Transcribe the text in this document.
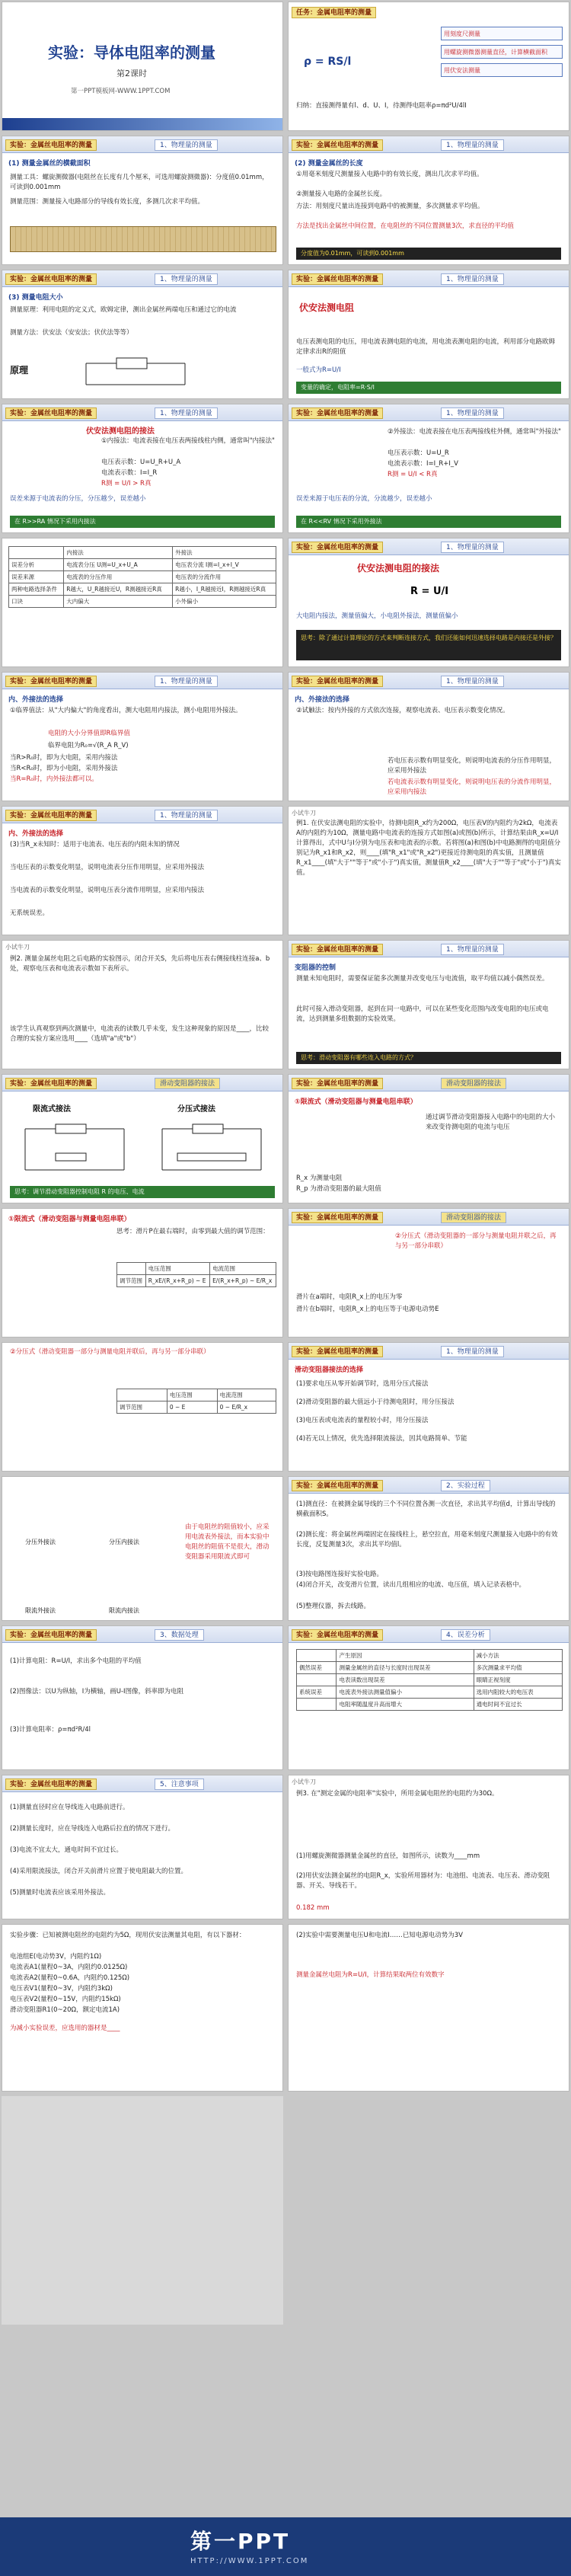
实验：导体电阻率的测量
第2课时
第一PPT模板网-WWW.1PPT.COM
任务：金属电阻率的测量
ρ = RS/l
用刻度尺测量
用螺旋测微器测量直径，计算横截面积
用伏安法测量
归纳：直接测得量有l、d、U、I，待测得电阻率ρ=πd²U/4lI
实验：金属丝电阻率的测量	1、物理量的测量
(1) 测量金属丝的横截面积
测量工具：螺旋测微器(电阻丝在长度有几个厘米，可选用螺旋测微器)：分度值0.01mm，可读到0.001mm
测量范围：测量接入电路部分的导线有效长度，多测几次求平均值。
实验：金属丝电阻率的测量	1、物理量的测量
(2) 测量金属丝的长度
①用毫米刻度尺测量接入电路中的有效长度，测出几次求平均值。
②测量接入电路的金属丝长度。
方法：用刻度尺量出连接到电路中的被测量，多次测量求平均值。
方法是找出金属丝中间位置，在电阻丝的不同位置测量3次，求直径的平均值
分度值为0.01mm，可读到0.001mm
实验：金属丝电阻率的测量	1、物理量的测量
(3) 测量电阻大小
测量原理：利用电阻的定义式，欧姆定律，测出金属丝两端电压和通过它的电流
测量方法：伏安法（安安法；伏伏法等等）
原理
实验：金属丝电阻率的测量	1、物理量的测量
伏安法测电阻
电压表测电阻的电压，用电流表测电阻的电流，用电流表测电阻的电流，利用部分电路欧姆定律求出R的阻值
一般式为R=U/I
变量的确定，电阻率=R·S/l
实验：金属丝电阻率的测量	1、物理量的测量
伏安法测电阻的接法
①内接法：电流表接在电压表两接线柱内侧，通常叫"内接法"
电压表示数：U=U_R+U_A
电流表示数：I=I_R
R测 = U/I > R真
误差来源于电流表的分压，分压越少，误差越小
在 R>>RA 情况下采用内接法
实验：金属丝电阻率的测量	1、物理量的测量
②外接法：电流表接在电压表两接线柱外侧，通常叫"外接法"
电压表示数：U=U_R
电流表示数：I=I_R+I_V
R测 = U/I < R真
误差来源于电压表的分流，分流越少，误差越小
在 R<<RV 情况下采用外接法
	内接法	外接法
误差分析	电流表分压 U测=U_x+U_A	电压表分流 I测=I_x+I_V
误差来源	电流表的分压作用	电压表的分流作用
两种电路选择条件	R越大，U_R越接近U，R测越接近R真	R越小，I_R越接近I，R测越接近R真
口诀	大内偏大	小外偏小
实验：金属丝电阻率的测量	1、物理量的测量
伏安法测电阻的接法
R = U/I
大电阻内接法，测量值偏大，小电阻外接法，测量值偏小
思考：除了通过计算理论的方式来判断连接方式，我们还能如何迅速选择电路是内接还是外接？
实验：金属丝电阻率的测量	1、物理量的测量
内、外接法的选择
①临界值法：从"大内偏大"的角度看出，测大电阻用内接法，测小电阻用外接法。
电阻的大小分界值即R临界值
临界电阻为R₀=√(R_A R_V)
当R>R₀时，即为大电阻，采用内接法
当R<R₀时，即为小电阻，采用外接法
当R=R₀时，内外接法都可以。
实验：金属丝电阻率的测量	1、物理量的测量
内、外接法的选择
②试触法：按内外接的方式依次连接，观察电流表、电压表示数变化情况。
若电压表示数有明显变化，则说明电流表的分压作用明显，应采用外接法
若电流表示数有明显变化，则说明电压表的分流作用明显，应采用内接法
实验：金属丝电阻率的测量	1、物理量的测量
内、外接法的选择
(3)当R_x未知时：适用于电流表、电压表的内阻未知的情况
当电压表的示数变化明显，说明电流表分压作用明显，应采用外接法
当电流表的示数变化明显，说明电压表分流作用明显，应采用内接法
无系统误差。
小试牛刀
例1. 在伏安法测电阻的实验中，待测电阻R_x约为200Ω，电压表V的内阻约为2kΩ，电流表A的内阻约为10Ω，测量电路中电流表的连接方式如图(a)或图(b)所示，计算结果由R_x=U/I计算得出，式中U与I分别为电压表和电流表的示数。若将图(a)和图(b)中电路测得的电阻值分别记为R_x1和R_x2，则____(填"R_x1"或"R_x2")更接近待测电阻的真实值，且测量值R_x1____(填"大于""等于"或"小于")真实值，测量值R_x2____(填"大于""等于"或"小于")真实值。
小试牛刀
例2. 测量金属丝电阻之后电路的实验图示，闭合开关S，先后将电压表右侧接线柱连接a、b处，观察电压表和电流表示数如下表所示。
该学生认真观察到两次测量中，电流表的读数几乎未变，发生这种现象的原因是____，比较合理的实验方案应选用____（选填"a"或"b"）
实验：金属丝电阻率的测量	1、物理量的测量
变阻器的控制
测量未知电阻时，需要保证能多次测量并改变电压与电流值，取平均值以减小偶然误差。
此时可接入滑动变阻器，起到在同一电路中，可以在某些变化范围内改变电阻的电压或电流，达到测量多组数据的实验效果。
思考：滑动变阻器有哪些连入电路的方式？
实验：金属丝电阻率的测量	滑动变阻器的接法
限流式接法	分压式接法
思考：调节滑动变阻器控制电阻 R 的电压、电流
实验：金属丝电阻率的测量	滑动变阻器的接法
①限流式（滑动变阻器与测量电阻串联）
通过调节滑动变阻器接入电路中的电阻的大小来改变待测电阻的电流与电压
R_x 为测量电阻
R_p 为滑动变阻器的最大阻值
①限流式（滑动变阻器与测量电阻串联）
思考：滑片P在最右端时，由零到最大值的调节范围：
	电压范围	电流范围
调节范围	R_xE/(R_x+R_p) ~ E	E/(R_x+R_p) ~ E/R_x
实验：金属丝电阻率的测量	滑动变阻器的接法
②分压式（滑动变阻器的一部分与测量电阻并联之后，再与另一部分串联）
滑片在a端时，电阻R_x上的电压为零
滑片在b端时，电阻R_x上的电压等于电源电动势E
②分压式（滑动变阻器一部分与测量电阻并联后，再与另一部分串联）
	电压范围	电流范围
调节范围	0 ~ E	0 ~ E/R_x
实验：金属丝电阻率的测量	1、物理量的测量
滑动变阻器接法的选择
(1)要求电压从零开始调节时，选用分压式接法
(2)滑动变阻器的最大值远小于待测电阻时，用分压接法
(3)电压表或电流表的量程较小时，用分压接法
(4)若无以上情况，优先选择限流接法，因其电路简单、节能
分压外接法	分压内接法
限流外接法	限流内接法
由于电阻丝的阻值较小，应采用电流表外接法，而本实验中电阻丝的阻值不是很大，滑动变阻器采用限流式即可
实验：金属丝电阻率的测量	2、实验过程
(1)测直径：在被测金属导线的三个不同位置各测一次直径，求出其平均值d，计算出导线的横截面积S。
(2)测长度：将金属丝两端固定在接线柱上，悬空拉直，用毫米刻度尺测量接入电路中的有效长度，反复测量3次，求出其平均值l。
(3)按电路图连接好实验电路。
(4)闭合开关，改变滑片位置，读出几组相应的电流、电压值，填入记录表格中。
(5)整理仪器，拆去线路。
实验：金属丝电阻率的测量	3、数据处理
(1)计算电阻：R=U/I，求出多个电阻的平均值
(2)图像法：以U为纵轴，I为横轴，画U-I图像，斜率即为电阻
(3)计算电阻率：ρ=πd²R/4l
实验：金属丝电阻率的测量	4、误差分析
	产生原因	减小方法
偶然误差	测量金属丝的直径与长度时出现误差	多次测量求平均值
	电表读数出现误差	眼睛正视刻度
系统误差	电流表外接法测量值偏小	选用内阻较大的电压表
	电阻率随温度升高而增大	通电时间不宜过长
实验：金属丝电阻率的测量	5、注意事项
(1)测量直径时应在导线连入电路前进行。
(2)测量长度时，应在导线连入电路后拉直的情况下进行。
(3)电流不宜太大，通电时间不宜过长。
(4)采用限流接法，闭合开关前滑片应置于使电阻最大的位置。
(5)测量时电流表应该采用外接法。
小试牛刀
例3. 在"测定金属的电阻率"实验中，所用金属电阻丝的电阻约为30Ω。
(1)用螺旋测微器测量金属丝的直径，如图所示，读数为____mm
(2)用伏安法测金属丝的电阻R_x，实验所用器材为：电池组、电流表、电压表、滑动变阻器、开关、导线若干。
0.182 mm
实验步骤：已知被测电阻丝的电阻约为5Ω，现用伏安法测量其电阻，有以下器材：
电池组E(电动势3V，内阻约1Ω)
电流表A1(量程0~3A，内阻约0.0125Ω)
电流表A2(量程0~0.6A，内阻约0.125Ω)
电压表V1(量程0~3V，内阻约3kΩ)
电压表V2(量程0~15V，内阻约15kΩ)
滑动变阻器R1(0~20Ω，额定电流1A)
为减小实验误差，应选用的器材是____
(2)实验中需要测量电压U和电流I……已知电源电动势为3V
测量金属丝电阻为R=U/I，计算结果取两位有效数字
第一PPT
HTTP://WWW.1PPT.COM
